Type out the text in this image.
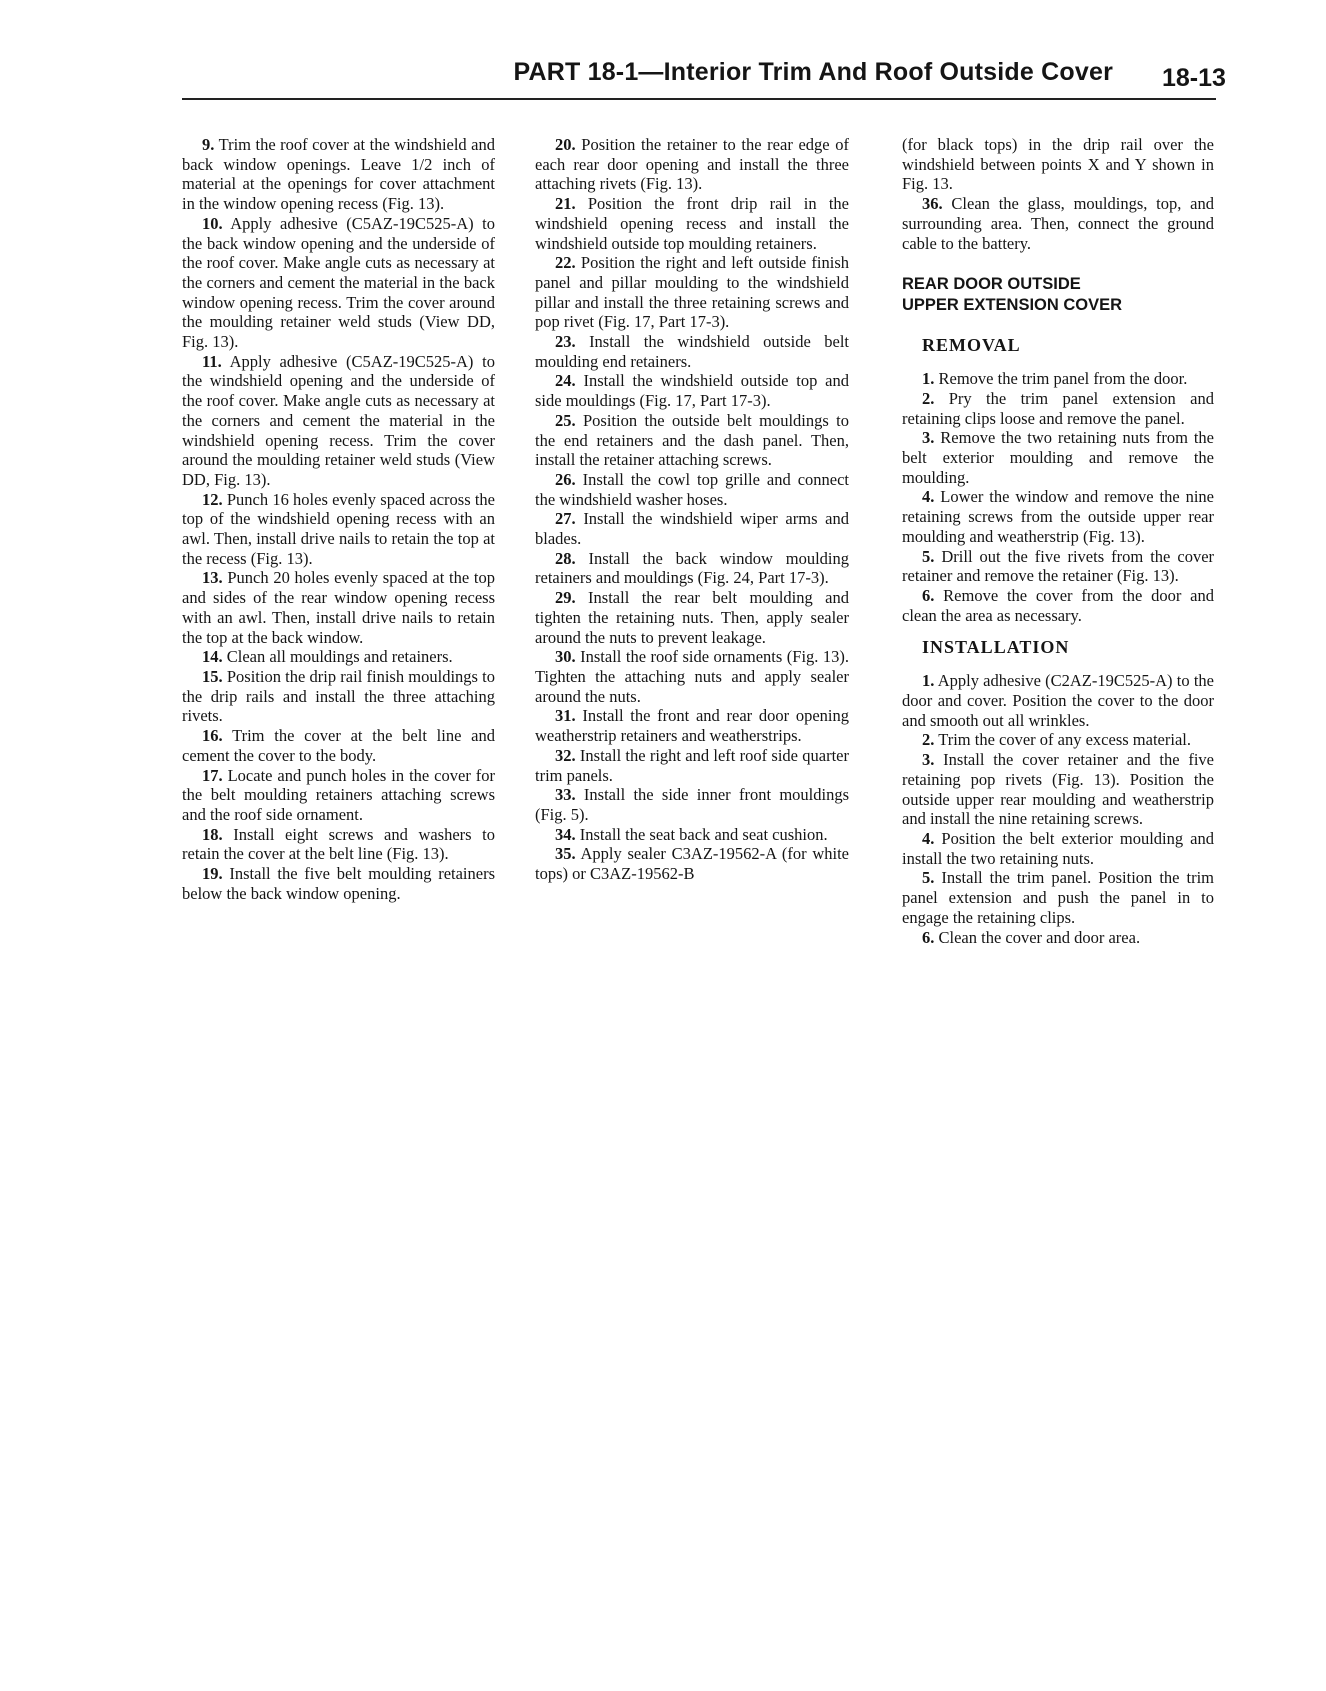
PART 18-1—Interior Trim And Roof Outside Cover 18-13

9. Trim the roof cover at the windshield and back window openings. Leave 1/2 inch of material at the openings for cover attachment in the window opening recess (Fig. 13).

10. Apply adhesive (C5AZ-19C525-A) to the back window opening and the underside of the roof cover. Make angle cuts as necessary at the corners and cement the material in the back window opening recess. Trim the cover around the moulding retainer weld studs (View DD, Fig. 13).

11. Apply adhesive (C5AZ-19C525-A) to the windshield opening and the underside of the roof cover. Make angle cuts as necessary at the corners and cement the material in the windshield opening recess. Trim the cover around the moulding retainer weld studs (View DD, Fig. 13).

12. Punch 16 holes evenly spaced across the top of the windshield opening recess with an awl. Then, install drive nails to retain the top at the recess (Fig. 13).

13. Punch 20 holes evenly spaced at the top and sides of the rear window opening recess with an awl. Then, install drive nails to retain the top at the back window.

14. Clean all mouldings and retainers.

15. Position the drip rail finish mouldings to the drip rails and install the three attaching rivets.

16. Trim the cover at the belt line and cement the cover to the body.

17. Locate and punch holes in the cover for the belt moulding retainers attaching screws and the roof side ornament.

18. Install eight screws and washers to retain the cover at the belt line (Fig. 13).

19. Install the five belt moulding retainers below the back window opening.

20. Position the retainer to the rear edge of each rear door opening and install the three attaching rivets (Fig. 13).

21. Position the front drip rail in the windshield opening recess and install the windshield outside top moulding retainers.

22. Position the right and left outside finish panel and pillar moulding to the windshield pillar and install the three retaining screws and pop rivet (Fig. 17, Part 17-3).

23. Install the windshield outside belt moulding end retainers.

24. Install the windshield outside top and side mouldings (Fig. 17, Part 17-3).

25. Position the outside belt mouldings to the end retainers and the dash panel. Then, install the retainer attaching screws.

26. Install the cowl top grille and connect the windshield washer hoses.

27. Install the windshield wiper arms and blades.

28. Install the back window moulding retainers and mouldings (Fig. 24, Part 17-3).

29. Install the rear belt moulding and tighten the retaining nuts. Then, apply sealer around the nuts to prevent leakage.

30. Install the roof side ornaments (Fig. 13). Tighten the attaching nuts and apply sealer around the nuts.

31. Install the front and rear door opening weatherstrip retainers and weatherstrips.

32. Install the right and left roof side quarter trim panels.

33. Install the side inner front mouldings (Fig. 5).

34. Install the seat back and seat cushion.

35. Apply sealer C3AZ-19562-A (for white tops) or C3AZ-19562-B

(for black tops) in the drip rail over the windshield between points X and Y shown in Fig. 13.

36. Clean the glass, mouldings, top, and surrounding area. Then, connect the ground cable to the battery.

REAR DOOR OUTSIDE
UPPER EXTENSION COVER
REMOVAL

1. Remove the trim panel from the door.

2. Pry the trim panel extension and retaining clips loose and remove the panel.

3. Remove the two retaining nuts from the belt exterior moulding and remove the moulding.

4. Lower the window and remove the nine retaining screws from the outside upper rear moulding and weatherstrip (Fig. 13).

5. Drill out the five rivets from the cover retainer and remove the retainer (Fig. 13).

6. Remove the cover from the door and clean the area as necessary.

INSTALLATION

1. Apply adhesive (C2AZ-19C525-A) to the door and cover. Position the cover to the door and smooth out all wrinkles.

2. Trim the cover of any excess material.

3. Install the cover retainer and the five retaining pop rivets (Fig. 13). Position the outside upper rear moulding and weatherstrip and install the nine retaining screws.

4. Position the belt exterior moulding and install the two retaining nuts.

5. Install the trim panel. Position the trim panel extension and push the panel in to engage the retaining clips.

6. Clean the cover and door area.
